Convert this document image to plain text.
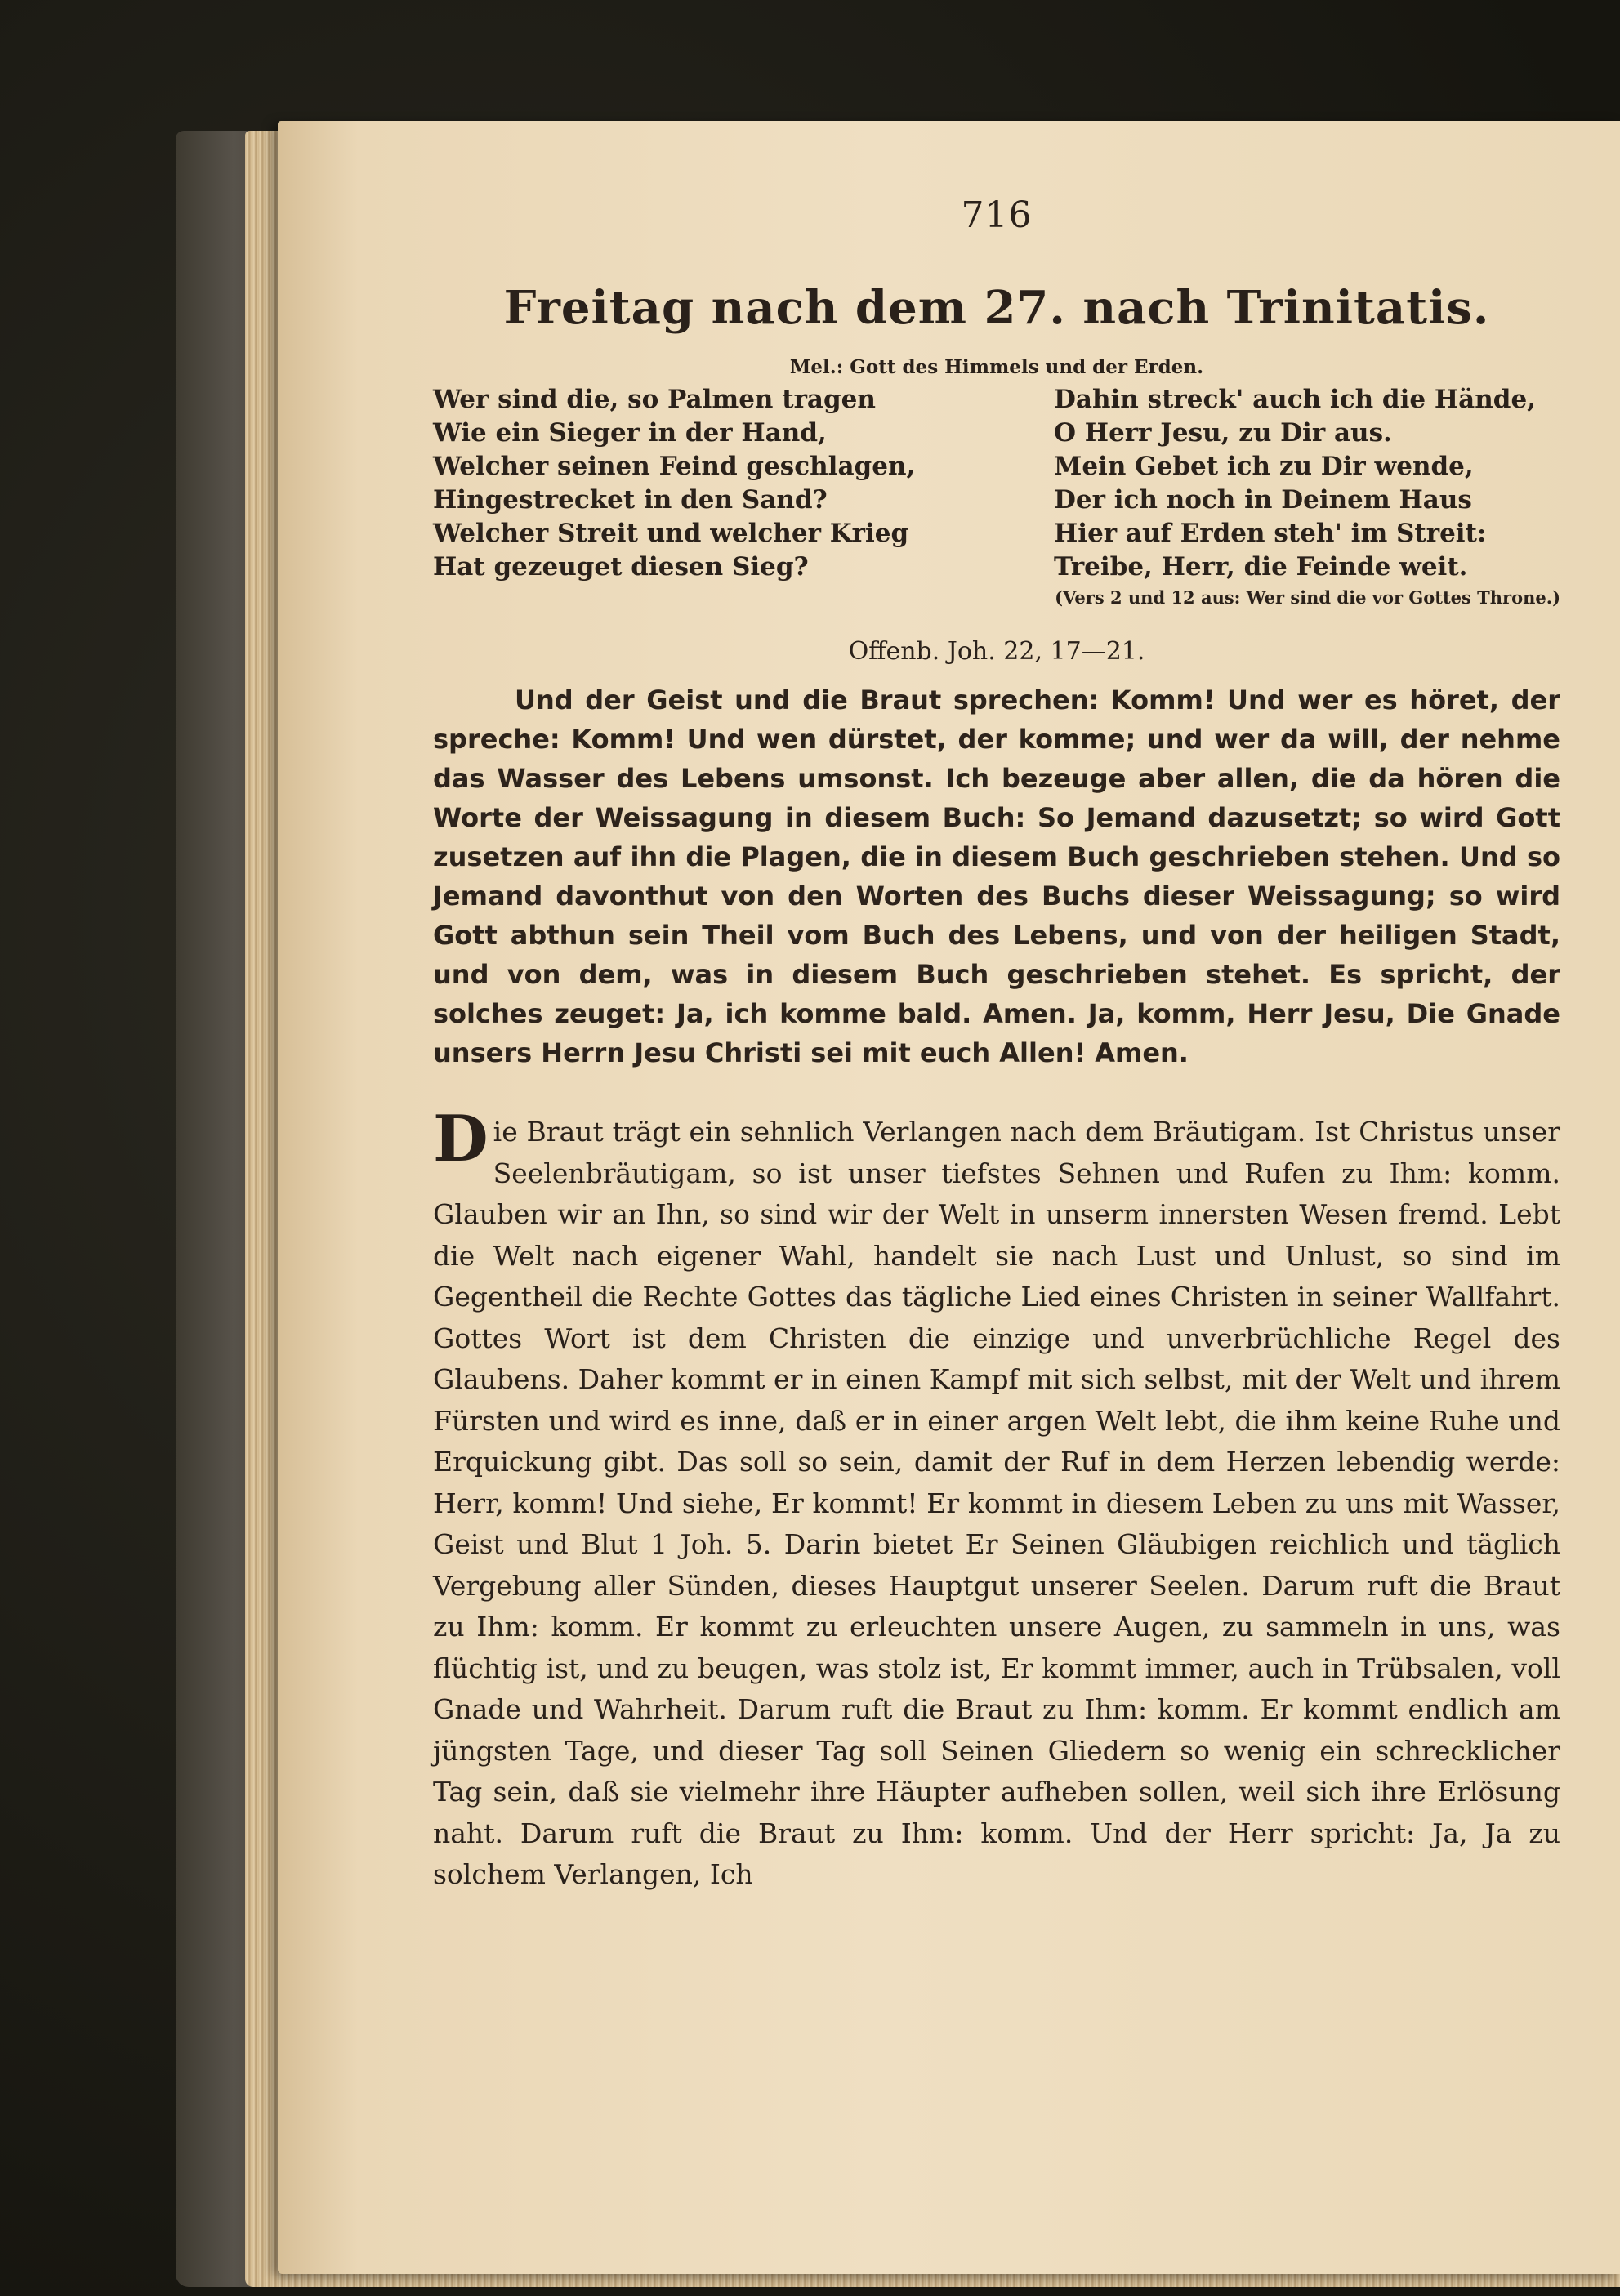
716
Freitag nach dem 27. nach Trinitatis.
Mel.: Gott des Himmels und der Erden.
Wer sind die, so Palmen tragen
Wie ein Sieger in der Hand,
Welcher seinen Feind geschlagen,
Hingestrecket in den Sand?
Welcher Streit und welcher Krieg
Hat gezeuget diesen Sieg?
Dahin streck' auch ich die Hände,
O Herr Jesu, zu Dir aus.
Mein Gebet ich zu Dir wende,
Der ich noch in Deinem Haus
Hier auf Erden steh' im Streit:
Treibe, Herr, die Feinde weit.
(Vers 2 und 12 aus: Wer sind die vor Gottes Throne.)
Offenb. Joh. 22, 17—21.
Und der Geist und die Braut sprechen: Komm! Und wer es höret, der spreche: Komm! Und wen dürstet, der komme; und wer da will, der nehme das Wasser des Lebens umsonst. Ich bezeuge aber allen, die da hören die Worte der Weissagung in diesem Buch: So Jemand dazusetzt; so wird Gott zusetzen auf ihn die Plagen, die in diesem Buch geschrieben stehen. Und so Jemand davonthut von den Worten des Buchs dieser Weissagung; so wird Gott abthun sein Theil vom Buch des Lebens, und von der heiligen Stadt, und von dem, was in diesem Buch geschrieben stehet. Es spricht, der solches zeuget: Ja, ich komme bald. Amen. Ja, komm, Herr Jesu, Die Gnade unsers Herrn Jesu Christi sei mit euch Allen! Amen.
Die Braut trägt ein sehnlich Verlangen nach dem Bräutigam. Ist Christus unser Seelenbräutigam, so ist unser tiefstes Sehnen und Rufen zu Ihm: komm. Glauben wir an Ihn, so sind wir der Welt in unserm innersten Wesen fremd. Lebt die Welt nach eigener Wahl, handelt sie nach Lust und Unlust, so sind im Gegentheil die Rechte Gottes das tägliche Lied eines Christen in seiner Wallfahrt. Gottes Wort ist dem Christen die einzige und unverbrüchliche Regel des Glaubens. Daher kommt er in einen Kampf mit sich selbst, mit der Welt und ihrem Fürsten und wird es inne, daß er in einer argen Welt lebt, die ihm keine Ruhe und Erquickung gibt. Das soll so sein, damit der Ruf in dem Herzen lebendig werde: Herr, komm! Und siehe, Er kommt! Er kommt in diesem Leben zu uns mit Wasser, Geist und Blut 1 Joh. 5. Darin bietet Er Seinen Gläubigen reichlich und täglich Vergebung aller Sünden, dieses Hauptgut unserer Seelen. Darum ruft die Braut zu Ihm: komm. Er kommt zu erleuchten unsere Augen, zu sammeln in uns, was flüchtig ist, und zu beugen, was stolz ist, Er kommt immer, auch in Trübsalen, voll Gnade und Wahrheit. Darum ruft die Braut zu Ihm: komm. Er kommt endlich am jüngsten Tage, und dieser Tag soll Seinen Gliedern so wenig ein schrecklicher Tag sein, daß sie vielmehr ihre Häupter aufheben sollen, weil sich ihre Erlösung naht. Darum ruft die Braut zu Ihm: komm. Und der Herr spricht: Ja, Ja zu solchem Verlangen, Ich
